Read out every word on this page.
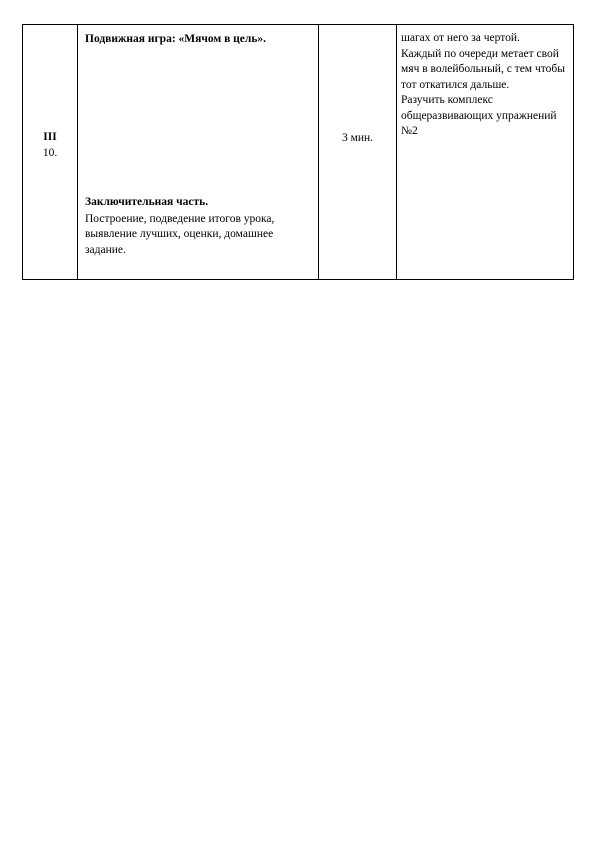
III
10.

Подвижная игра: «Мячом в цель».
Заключительная часть.
Построение, подведение итогов урока, выявление лучших, оценки, домашнее задание.

3 мин.

шагах от него за чертой.
Каждый по очереди метает свой мяч в волейбольный, с тем чтобы тот откатился дальше.
Разучить комплекс общеразвивающих упражнений №2
